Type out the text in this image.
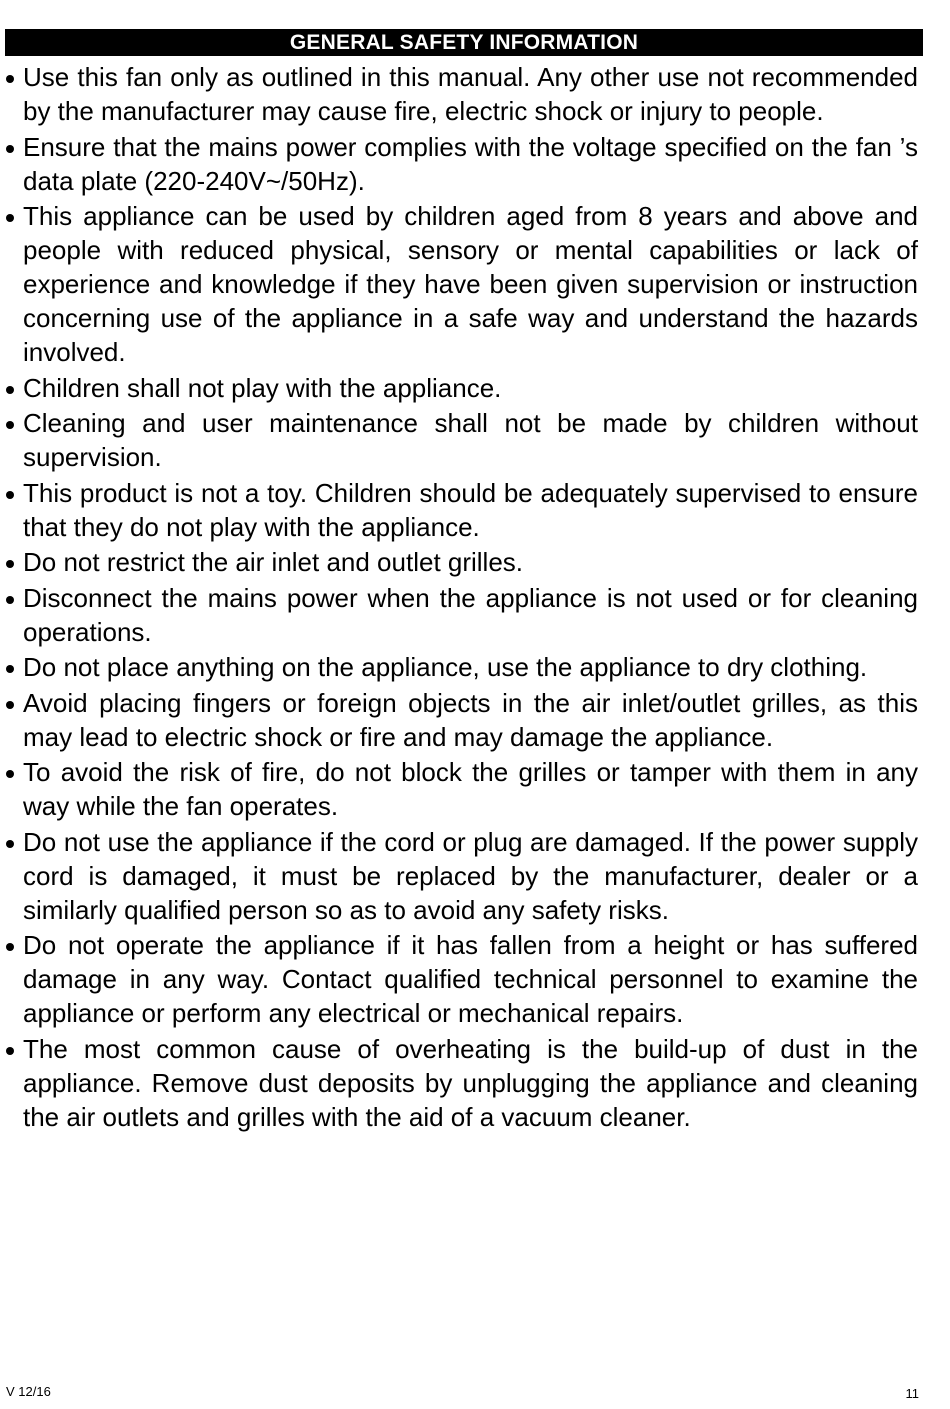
GENERAL SAFETY INFORMATION
Use this fan only as outlined in this manual. Any other use not recommended by the manufacturer may cause fire, electric shock or injury to people.
Ensure that the mains power complies with the voltage specified on the fan ’s data plate (220-240V~/50Hz).
This appliance can be used by children aged from 8 years and above and people with reduced physical, sensory or mental capabilities or lack of experience and knowledge if they have been given supervision or instruction concerning use of the appliance in a safe way and understand the hazards involved.
Children shall not play with the appliance.
Cleaning and user maintenance shall not be made by children without supervision.
This product is not a toy. Children should be adequately supervised to ensure that they do not play with the appliance.
Do not restrict the air inlet and outlet grilles.
Disconnect the mains power when the appliance is not used or for cleaning operations.
Do not place anything on the appliance, use the appliance to dry clothing.
Avoid placing fingers or foreign objects in the air inlet/outlet grilles, as this may lead to electric shock or fire and may damage the appliance.
To avoid the risk of fire, do not block the grilles or tamper with them in any way while the fan operates.
Do not use the appliance if the cord or plug are damaged. If the power supply cord is damaged, it must be replaced by the manufacturer, dealer or a similarly qualified person so as to avoid any safety risks.
Do not operate the appliance if it has fallen from a height or has suffered damage in any way. Contact qualified technical personnel to examine the appliance or perform any electrical or mechanical repairs.
The most common cause of overheating is the build-up of dust in the appliance. Remove dust deposits by unplugging the appliance and cleaning the air outlets and grilles with the aid of a vacuum cleaner.
V 12/16	11
